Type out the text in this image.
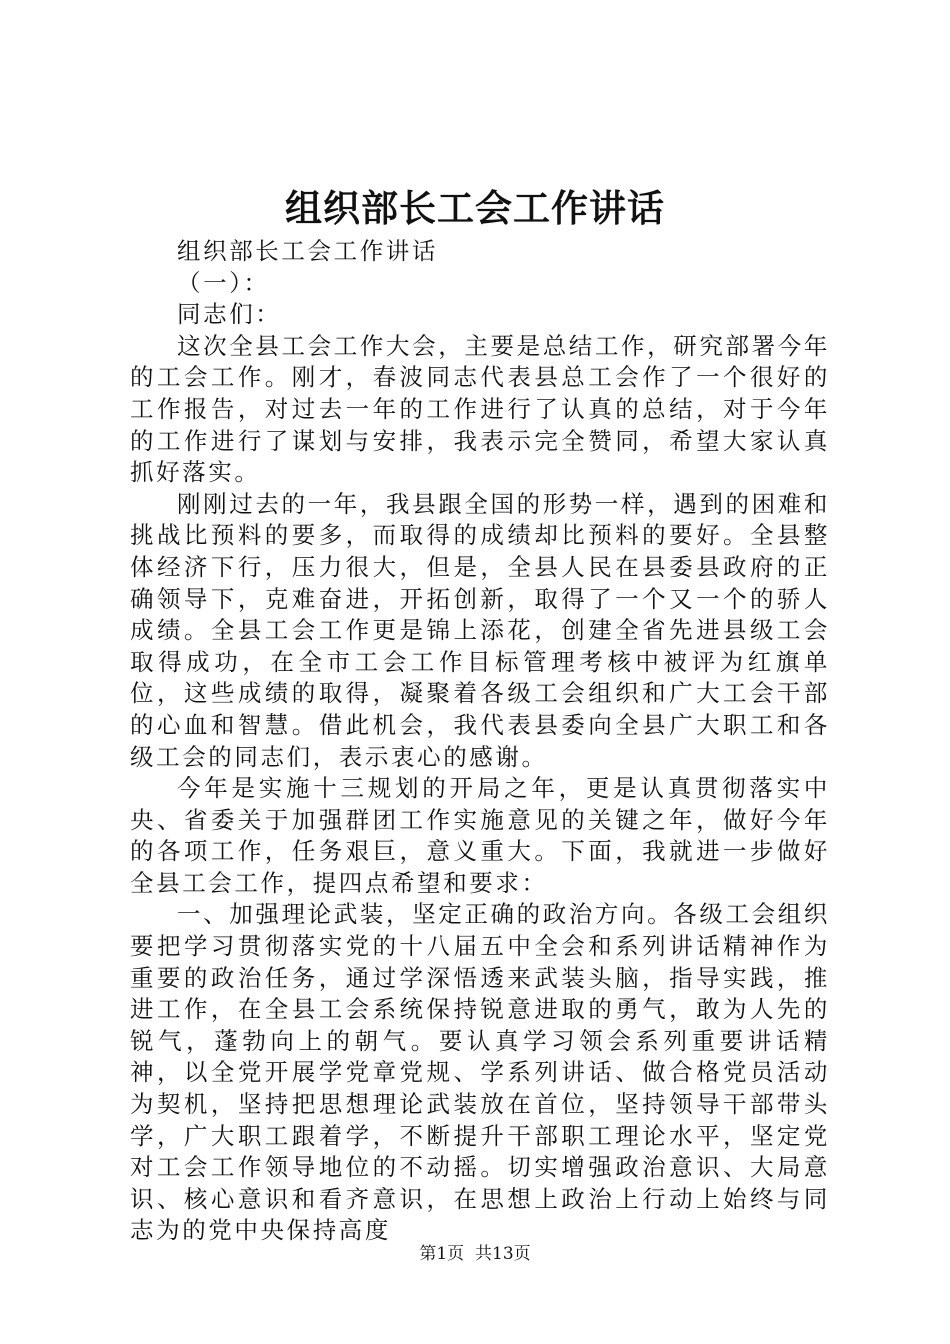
组织部长工会工作讲话

组织部长工会工作讲话

（一）：

同志们：

这次全县工会工作大会，主要是总结工作，研究部署今年的工会工作。刚才，春波同志代表县总工会作了一个很好的工作报告，对过去一年的工作进行了认真的总结，对于今年的工作进行了谋划与安排，我表示完全赞同，希望大家认真抓好落实。

刚刚过去的一年，我县跟全国的形势一样，遇到的困难和挑战比预料的要多，而取得的成绩却比预料的要好。全县整体经济下行，压力很大，但是，全县人民在县委县政府的正确领导下，克难奋进，开拓创新，取得了一个又一个的骄人成绩。全县工会工作更是锦上添花，创建全省先进县级工会取得成功，在全市工会工作目标管理考核中被评为红旗单位，这些成绩的取得，凝聚着各级工会组织和广大工会干部的心血和智慧。借此机会，我代表县委向全县广大职工和各级工会的同志们，表示衷心的感谢。

今年是实施十三规划的开局之年，更是认真贯彻落实中央、省委关于加强群团工作实施意见的关键之年，做好今年的各项工作，任务艰巨，意义重大。下面，我就进一步做好全县工会工作，提四点希望和要求：

一、加强理论武装，坚定正确的政治方向。各级工会组织要把学习贯彻落实党的十八届五中全会和系列讲话精神作为重要的政治任务，通过学深悟透来武装头脑，指导实践，推进工作，在全县工会系统保持锐意进取的勇气，敢为人先的锐气，蓬勃向上的朝气。要认真学习领会系列重要讲话精神，以全党开展学党章党规、学系列讲话、做合格党员活动为契机，坚持把思想理论武装放在首位，坚持领导干部带头学，广大职工跟着学，不断提升干部职工理论水平，坚定党对工会工作领导地位的不动摇。切实增强政治意识、大局意识、核心意识和看齐意识，在思想上政治上行动上始终与同志为的党中央保持高度

第1页 共13页
